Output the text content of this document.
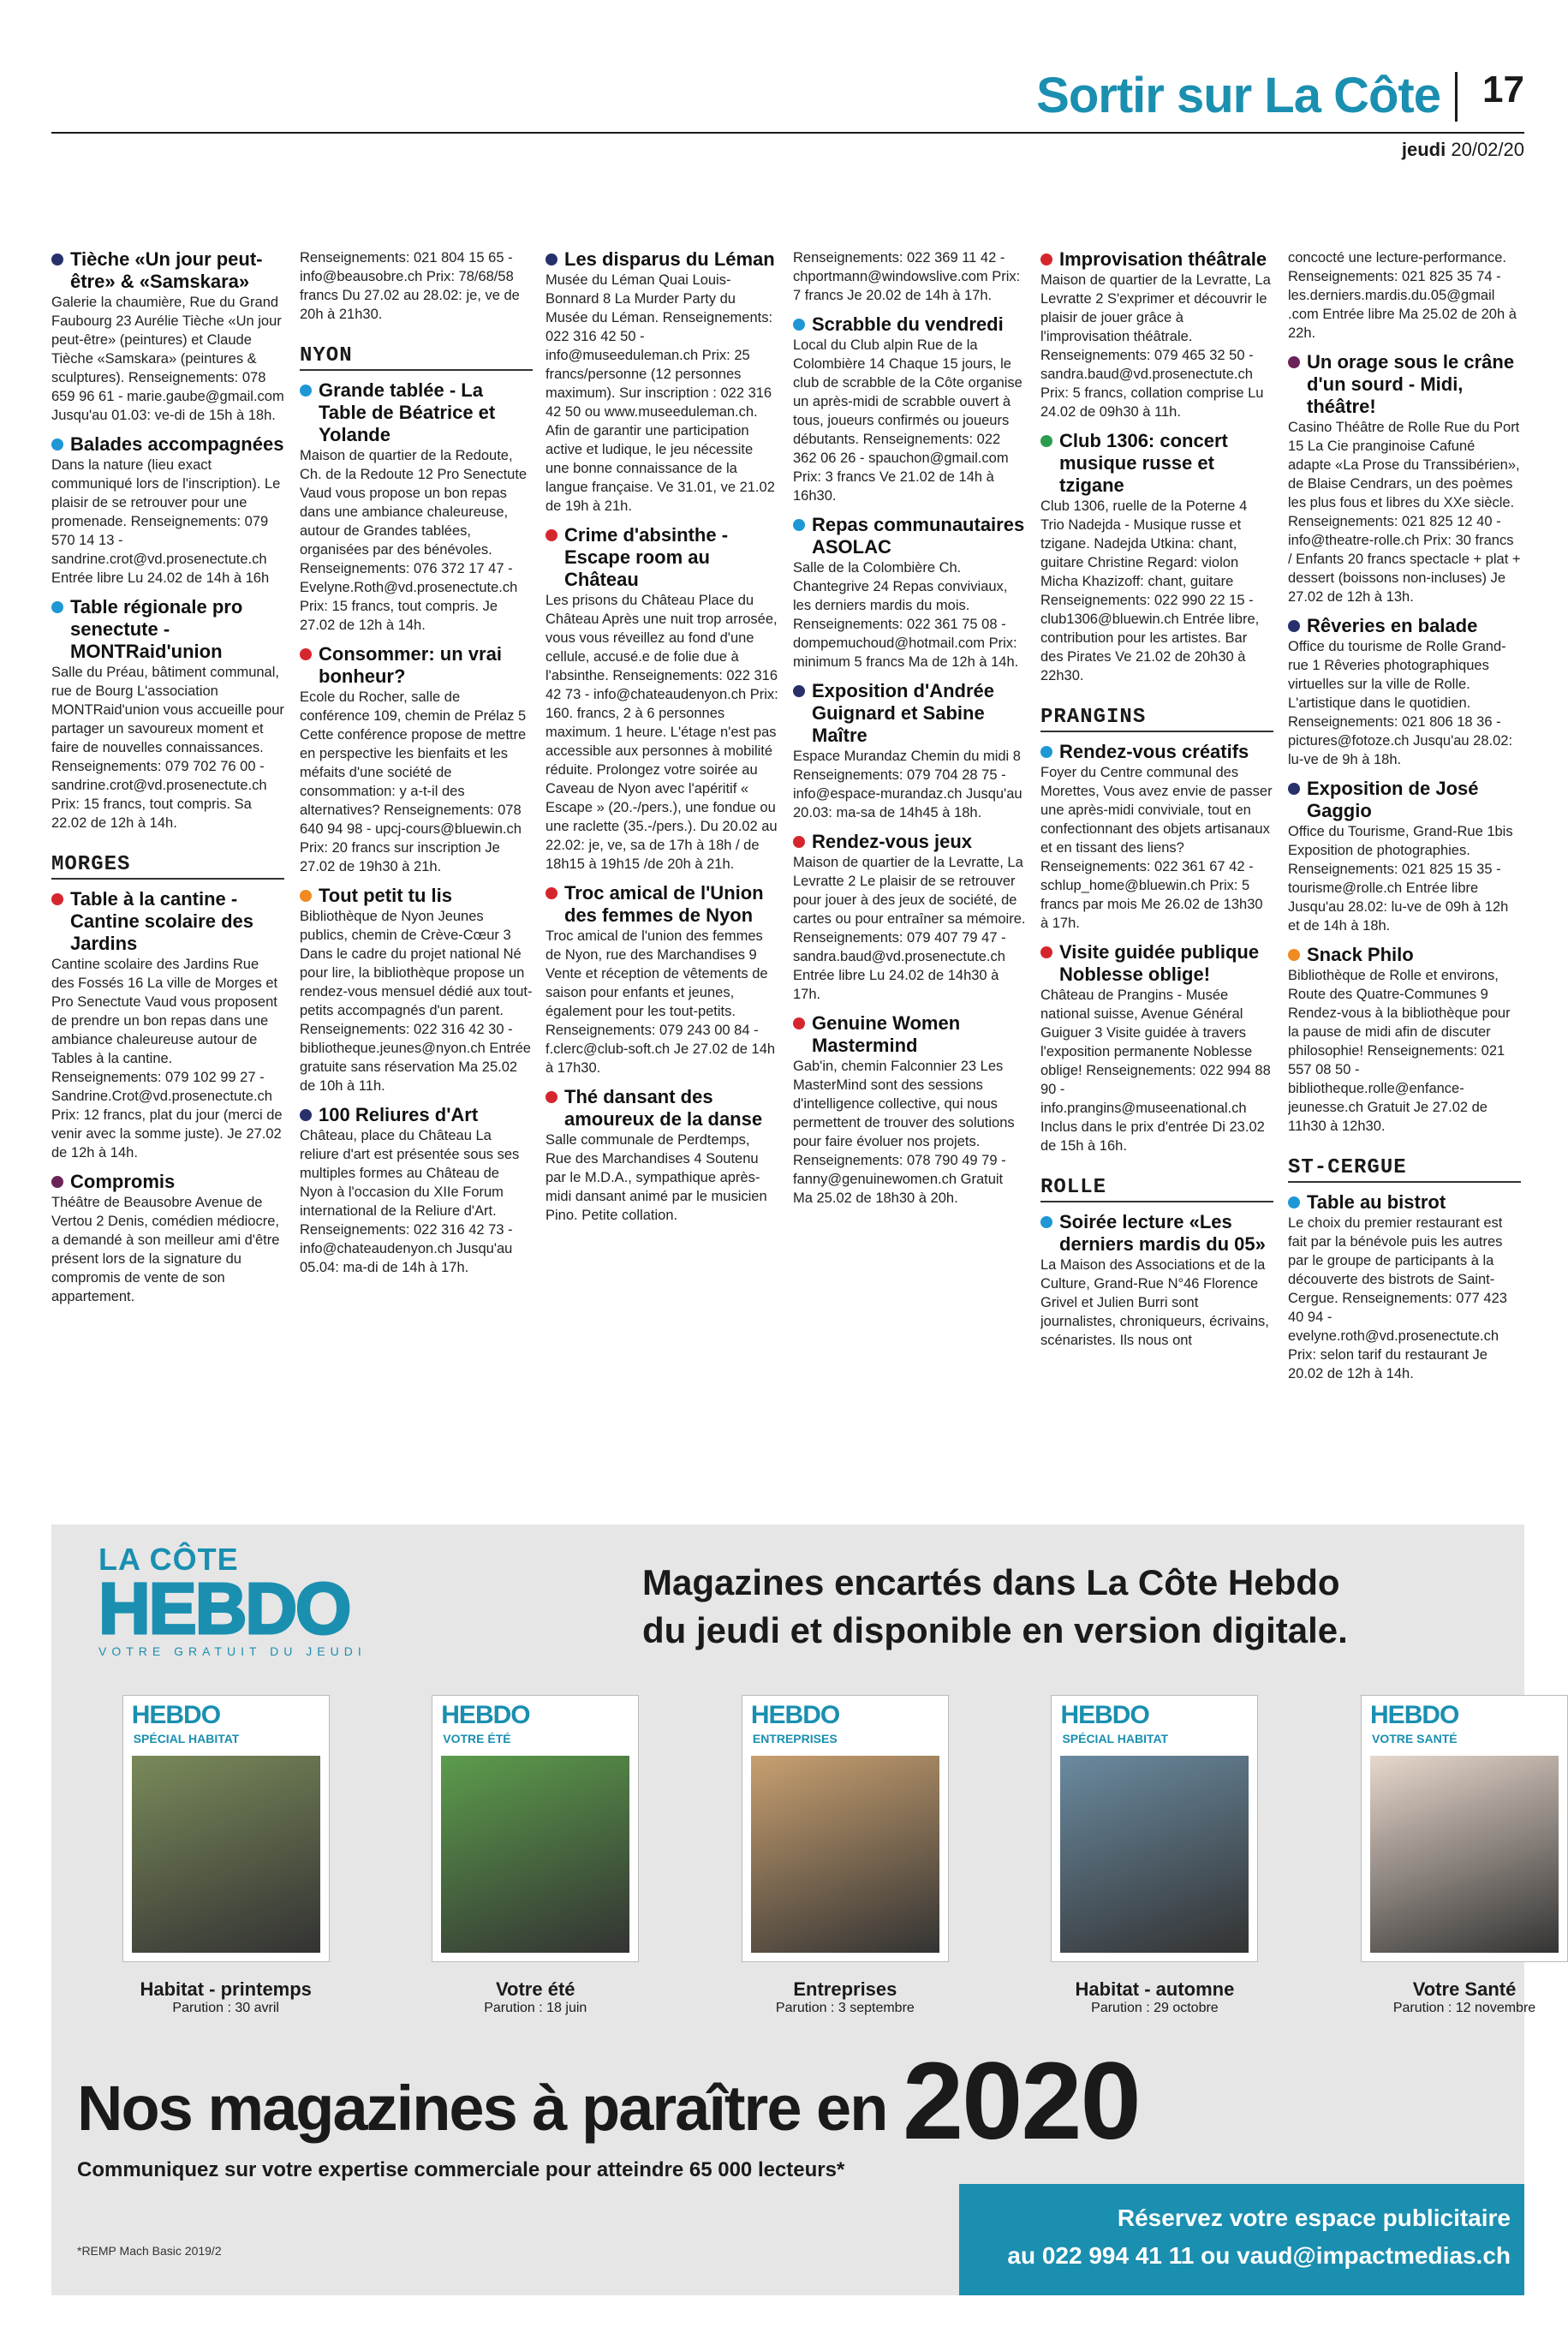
Sortir sur La Côte 17
jeudi 20/02/20
Tièche «Un jour peut-être» & «Samskara»
Galerie la chaumière, Rue du Grand Faubourg 23 Aurélie Tièche «Un jour peut-être» (peintures) et Claude Tièche «Samskara» (peintures & sculptures). Renseignements: 078 659 96 61 - marie.gaube@gmail.com Jusqu'au 01.03: ve-di de 15h à 18h.
Balades accompagnées
Dans la nature (lieu exact communiqué lors de l'inscription). Le plaisir de se retrouver pour une promenade. Renseignements: 079 570 14 13 - sandrine.crot@vd.prosenectute.ch Entrée libre Lu 24.02 de 14h à 16h
Table régionale pro senectute - MONTRaid'union
Salle du Préau, bâtiment communal, rue de Bourg L'association MONTRaid'union vous accueille pour partager un savoureux moment et faire de nouvelles connaissances. Renseignements: 079 702 76 00 - sandrine.crot@vd.prosenectute.ch Prix: 15 francs, tout compris. Sa 22.02 de 12h à 14h.
MORGES
Table à la cantine - Cantine scolaire des Jardins
Cantine scolaire des Jardins Rue des Fossés 16 La ville de Morges et Pro Senectute Vaud vous proposent de prendre un bon repas dans une ambiance chaleureuse autour de Tables à la cantine. Renseignements: 079 102 99 27 - Sandrine.Crot@vd.prosenectute.ch Prix: 12 francs, plat du jour (merci de venir avec la somme juste). Je 27.02 de 12h à 14h.
Compromis
Théâtre de Beausobre Avenue de Vertou 2 Denis, comédien médiocre, a demandé à son meilleur ami d'être présent lors de la signature du compromis de vente de son appartement.
Renseignements: 021 804 15 65 - info@beausobre.ch Prix: 78/68/58 francs Du 27.02 au 28.02: je, ve de 20h à 21h30.
NYON
Grande tablée - La Table de Béatrice et Yolande
Maison de quartier de la Redoute, Ch. de la Redoute 12 Pro Senectute Vaud vous propose un bon repas dans une ambiance chaleureuse, autour de Grandes tablées, organisées par des bénévoles. Renseignements: 076 372 17 47 - Evelyne.Roth@vd.prosenectute.ch Prix: 15 francs, tout compris. Je 27.02 de 12h à 14h.
Consommer: un vrai bonheur?
Ecole du Rocher, salle de conférence 109, chemin de Prélaz 5 Cette conférence propose de mettre en perspective les bienfaits et les méfaits d'une société de consommation: y a-t-il des alternatives? Renseignements: 078 640 94 98 - upcj-cours@bluewin.ch Prix: 20 francs sur inscription Je 27.02 de 19h30 à 21h.
Tout petit tu lis
Bibliothèque de Nyon Jeunes publics, chemin de Crève-Cœur 3 Dans le cadre du projet national Né pour lire, la bibliothèque propose un rendez-vous mensuel dédié aux tout-petits accompagnés d'un parent. Renseignements: 022 316 42 30 - bibliotheque.jeunes@nyon.ch Entrée gratuite sans réservation Ma 25.02 de 10h à 11h.
100 Reliures d'Art
Château, place du Château La reliure d'art est présentée sous ses multiples formes au Château de Nyon à l'occasion du XIIe Forum international de la Reliure d'Art. Renseignements: 022 316 42 73 - info@chateaudenyon.ch Jusqu'au 05.04: ma-di de 14h à 17h.
Les disparus du Léman
Musée du Léman Quai Louis-Bonnard 8 La Murder Party du Musée du Léman. Renseignements: 022 316 42 50 - info@museeduleman.ch Prix: 25 francs/personne (12 personnes maximum). Sur inscription : 022 316 42 50 ou www.museeduleman.ch. Afin de garantir une participation active et ludique, le jeu nécessite une bonne connaissance de la langue française. Ve 31.01, ve 21.02 de 19h à 21h.
Crime d'absinthe - Escape room au Château
Les prisons du Château Place du Château Après une nuit trop arrosée, vous vous réveillez au fond d'une cellule, accusé.e de folie due à l'absinthe. Renseignements: 022 316 42 73 - info@chateaudenyon.ch Prix: 160. francs, 2 à 6 personnes maximum. 1 heure. L'étage n'est pas accessible aux personnes à mobilité réduite. Prolongez votre soirée au Caveau de Nyon avec l'apéritif « Escape » (20.-/pers.), une fondue ou une raclette (35.-/pers.). Du 20.02 au 22.02: je, ve, sa de 17h à 18h / de 18h15 à 19h15 /de 20h à 21h.
Troc amical de l'Union des femmes de Nyon
Troc amical de l'union des femmes de Nyon, rue des Marchandises 9 Vente et réception de vêtements de saison pour enfants et jeunes, également pour les tout-petits. Renseignements: 079 243 00 84 - f.clerc@club-soft.ch Je 27.02 de 14h à 17h30.
Thé dansant des amoureux de la danse
Salle communale de Perdtemps, Rue des Marchandises 4 Soutenu par le M.D.A., sympathique après-midi dansant animé par le musicien Pino. Petite collation.
Renseignements: 022 369 11 42 - chportmann@windowslive.com Prix: 7 francs Je 20.02 de 14h à 17h.
Scrabble du vendredi
Local du Club alpin Rue de la Colombière 14 Chaque 15 jours, le club de scrabble de la Côte organise un après-midi de scrabble ouvert à tous, joueurs confirmés ou joueurs débutants. Renseignements: 022 362 06 26 - spauchon@gmail.com Prix: 3 francs Ve 21.02 de 14h à 16h30.
Repas communautaires ASOLAC
Salle de la Colombière Ch. Chantegrive 24 Repas conviviaux, les derniers mardis du mois. Renseignements: 022 361 75 08 - dompemuchoud@hotmail.com Prix: minimum 5 francs Ma de 12h à 14h.
Exposition d'Andrée Guignard et Sabine Maître
Espace Murandaz Chemin du midi 8 Renseignements: 079 704 28 75 - info@espace-murandaz.ch Jusqu'au 20.03: ma-sa de 14h45 à 18h.
Rendez-vous jeux
Maison de quartier de la Levratte, La Levratte 2 Le plaisir de se retrouver pour jouer à des jeux de société, de cartes ou pour entraîner sa mémoire. Renseignements: 079 407 79 47 - sandra.baud@vd.prosenectute.ch Entrée libre Lu 24.02 de 14h30 à 17h.
Genuine Women Mastermind
Gab'in, chemin Falconnier 23 Les MasterMind sont des sessions d'intelligence collective, qui nous permettent de trouver des solutions pour faire évoluer nos projets. Renseignements: 078 790 49 79 - fanny@genuinewomen.ch Gratuit Ma 25.02 de 18h30 à 20h.
Improvisation théâtrale
Maison de quartier de la Levratte, La Levratte 2 S'exprimer et découvrir le plaisir de jouer grâce à l'improvisation théâtrale. Renseignements: 079 465 32 50 - sandra.baud@vd.prosenectute.ch Prix: 5 francs, collation comprise Lu 24.02 de 09h30 à 11h.
Club 1306: concert musique russe et tzigane
Club 1306, ruelle de la Poterne 4 Trio Nadejda - Musique russe et tzigane. Nadejda Utkina: chant, guitare Christine Regard: violon Micha Khazizoff: chant, guitare Renseignements: 022 990 22 15 - club1306@bluewin.ch Entrée libre, contribution pour les artistes. Bar des Pirates Ve 21.02 de 20h30 à 22h30.
PRANGINS
Rendez-vous créatifs
Foyer du Centre communal des Morettes, Vous avez envie de passer une après-midi conviviale, tout en confectionnant des objets artisanaux et en tissant des liens? Renseignements: 022 361 67 42 - schlup_home@bluewin.ch Prix: 5 francs par mois Me 26.02 de 13h30 à 17h.
Visite guidée publique Noblesse oblige!
Château de Prangins - Musée national suisse, Avenue Général Guiguer 3 Visite guidée à travers l'exposition permanente Noblesse oblige! Renseignements: 022 994 88 90 - info.prangins@museenational.ch Inclus dans le prix d'entrée Di 23.02 de 15h à 16h.
ROLLE
Soirée lecture «Les derniers mardis du 05»
La Maison des Associations et de la Culture, Grand-Rue N°46 Florence Grivel et Julien Burri sont journalistes, chroniqueurs, écrivains, scénaristes. Ils nous ont
concocté une lecture-performance. Renseignements: 021 825 35 74 - les.derniers.mardis.du.05@gmail .com Entrée libre Ma 25.02 de 20h à 22h.
Un orage sous le crâne d'un sourd - Midi, théâtre!
Casino Théâtre de Rolle Rue du Port 15 La Cie pranginoise Cafuné adapte «La Prose du Transsibérien», de Blaise Cendrars, un des poèmes les plus fous et libres du XXe siècle. Renseignements: 021 825 12 40 - info@theatre-rolle.ch Prix: 30 francs / Enfants 20 francs spectacle + plat + dessert (boissons non-incluses) Je 27.02 de 12h à 13h.
Rêveries en balade
Office du tourisme de Rolle Grand-rue 1 Rêveries photographiques virtuelles sur la ville de Rolle. L'artistique dans le quotidien. Renseignements: 021 806 18 36 - pictures@fotoze.ch Jusqu'au 28.02: lu-ve de 9h à 18h.
Exposition de José Gaggio
Office du Tourisme, Grand-Rue 1bis Exposition de photographies. Renseignements: 021 825 15 35 - tourisme@rolle.ch Entrée libre Jusqu'au 28.02: lu-ve de 09h à 12h et de 14h à 18h.
Snack Philo
Bibliothèque de Rolle et environs, Route des Quatre-Communes 9 Rendez-vous à la bibliothèque pour la pause de midi afin de discuter philosophie! Renseignements: 021 557 08 50 - bibliotheque.rolle@enfance-jeunesse.ch Gratuit Je 27.02 de 11h30 à 12h30.
ST-CERGUE
Table au bistrot
Le choix du premier restaurant est fait par la bénévole puis les autres par le groupe de participants à la découverte des bistrots de Saint-Cergue. Renseignements: 077 423 40 94 - evelyne.roth@vd.prosenectute.ch Prix: selon tarif du restaurant Je 20.02 de 12h à 14h.
LA CÔTE
HEBDO
VOTRE GRATUIT DU JEUDI
Magazines encartés dans La Côte Hebdo
du jeudi et disponible en version digitale.
HEBDO
SPÉCIAL HABITAT
Habitat - printemps
Parution : 30 avril
HEBDO
VOTRE ÉTÉ
Votre été
Parution : 18 juin
HEBDO
ENTREPRISES
Entreprises
Parution : 3 septembre
HEBDO
SPÉCIAL HABITAT
Habitat - automne
Parution : 29 octobre
HEBDO
VOTRE SANTÉ
Votre Santé
Parution : 12 novembre
Nos magazines à paraître en 2020
Communiquez sur votre expertise commerciale pour atteindre 65 000 lecteurs*
*REMP Mach Basic 2019/2
Réservez votre espace publicitaire
au 022 994 41 11 ou vaud@impactmedias.ch
